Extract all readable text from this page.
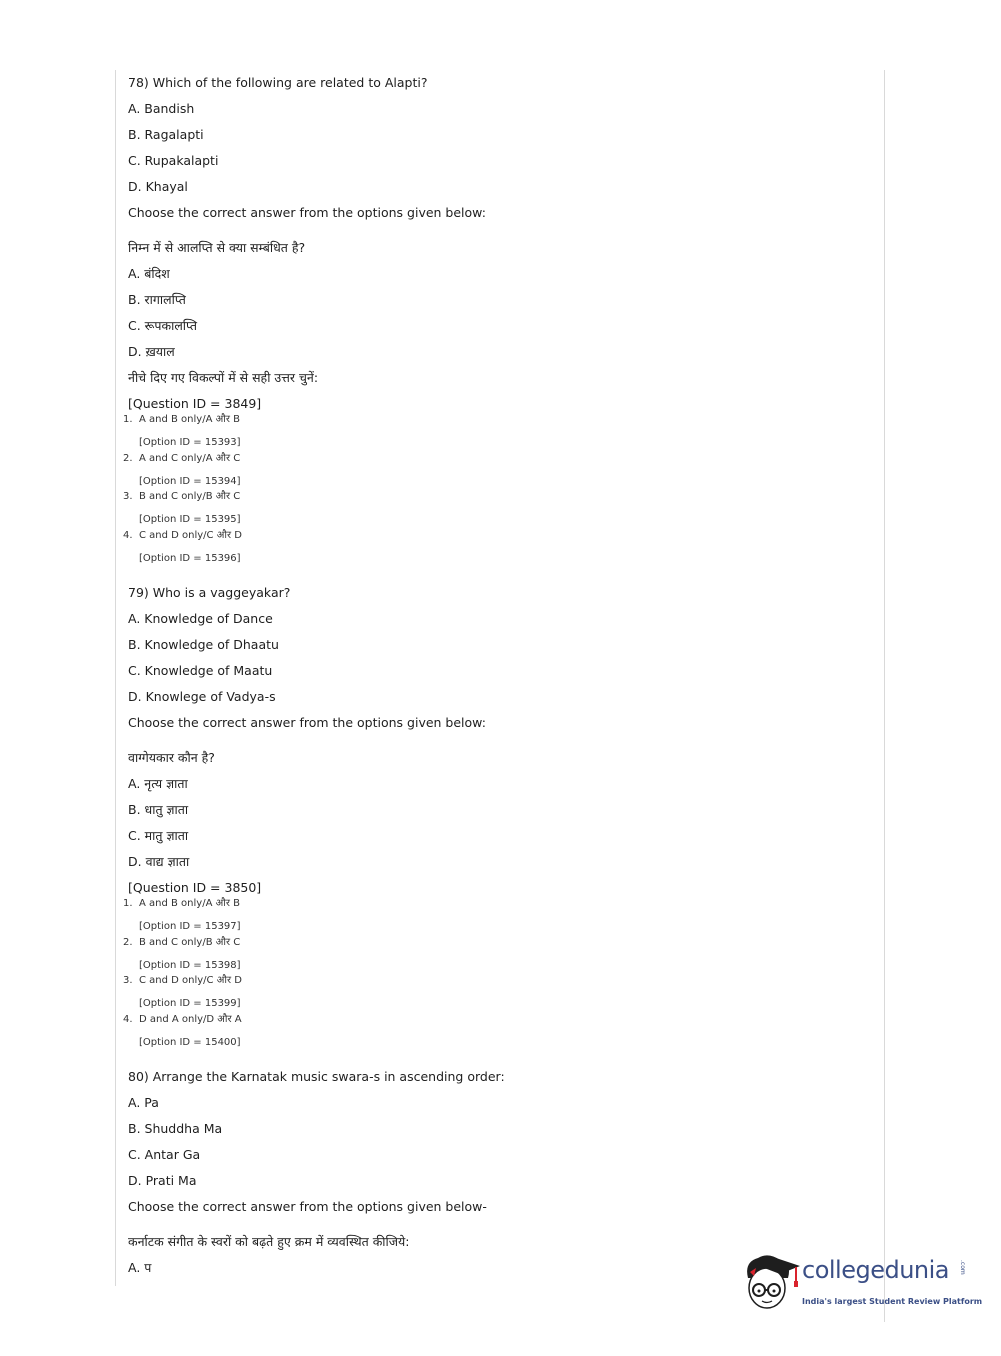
78) Which of the following are related to Alapti?
A. Bandish
B. Ragalapti
C. Rupakalapti
D. Khayal
Choose the correct answer from the options given below:
निम्न में से आलप्ति से क्या सम्बंधित है?
A. बंदिश
B. रागालप्ति
C. रूपकालप्ति
D. ख़याल
नीचे दिए गए विकल्पों में से सही उत्तर चुनें:
[Question ID = 3849]
1. A and B only/A और B
[Option ID = 15393]
2. A and C only/A और C
[Option ID = 15394]
3. B and C only/B और C
[Option ID = 15395]
4. C and D only/C और D
[Option ID = 15396]
79) Who is a vaggeyakar?
A. Knowledge of Dance
B. Knowledge of Dhaatu
C. Knowledge of Maatu
D. Knowlege of Vadya-s
Choose the correct answer from the options given below:
वाग्गेयकार कौन है?
A. नृत्य ज्ञाता
B. धातु ज्ञाता
C. मातु ज्ञाता
D. वाद्य ज्ञाता
[Question ID = 3850]
1. A and B only/A और B
[Option ID = 15397]
2. B and C only/B और C
[Option ID = 15398]
3. C and D only/C और D
[Option ID = 15399]
4. D and A only/D और A
[Option ID = 15400]
80) Arrange the Karnatak music swara-s in ascending order:
A. Pa
B. Shuddha Ma
C. Antar Ga
D. Prati Ma
Choose the correct answer from the options given below-
कर्नाटक संगीत के स्वरों को बढ़ते हुए क्रम में व्यवस्थित कीजिये:
A. प	collegedunia .com
India's largest Student Review Platform
